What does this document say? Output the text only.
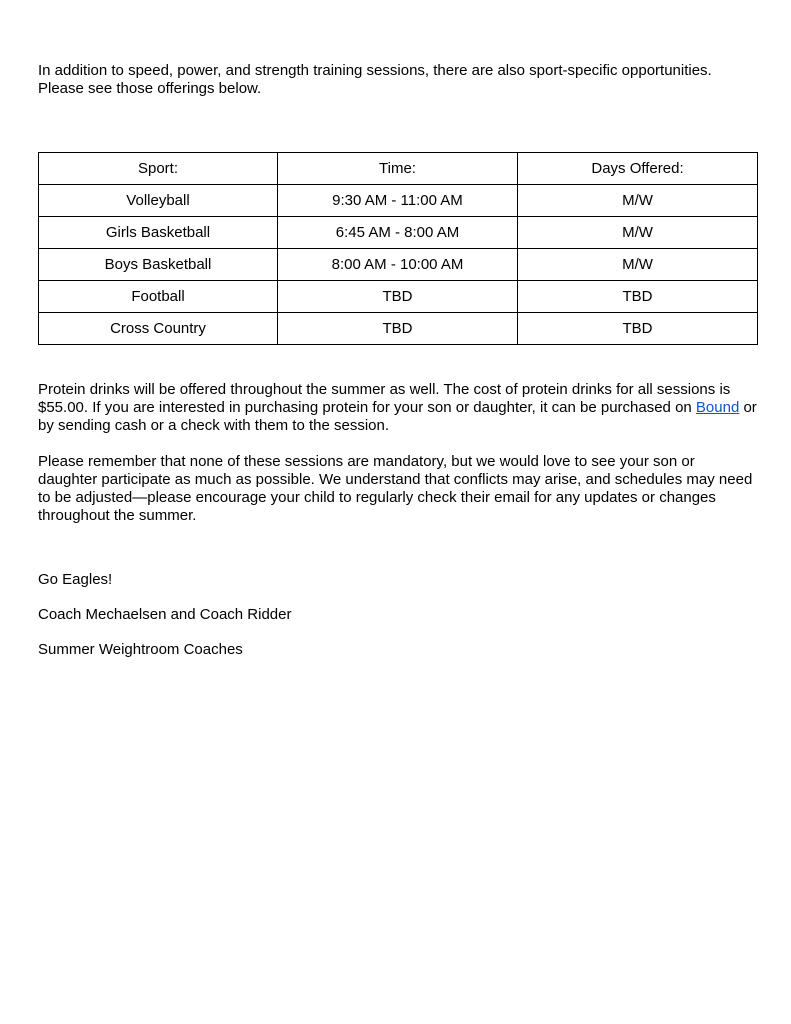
In addition to speed, power, and strength training sessions, there are also sport-specific opportunities. Please see those offerings below.

Sport:	Time:	Days Offered:
Volleyball	9:30 AM - 11:00 AM	M/W
Girls Basketball	6:45 AM - 8:00 AM	M/W
Boys Basketball	8:00 AM - 10:00 AM	M/W
Football	TBD	TBD
Cross Country	TBD	TBD

Protein drinks will be offered throughout the summer as well. The cost of protein drinks for all sessions is $55.00. If you are interested in purchasing protein for your son or daughter, it can be purchased on Bound or by sending cash or a check with them to the session.

Please remember that none of these sessions are mandatory, but we would love to see your son or daughter participate as much as possible. We understand that conflicts may arise, and schedules may need to be adjusted—please encourage your child to regularly check their email for any updates or changes throughout the summer.

Go Eagles!

Coach Mechaelsen and Coach Ridder

Summer Weightroom Coaches
